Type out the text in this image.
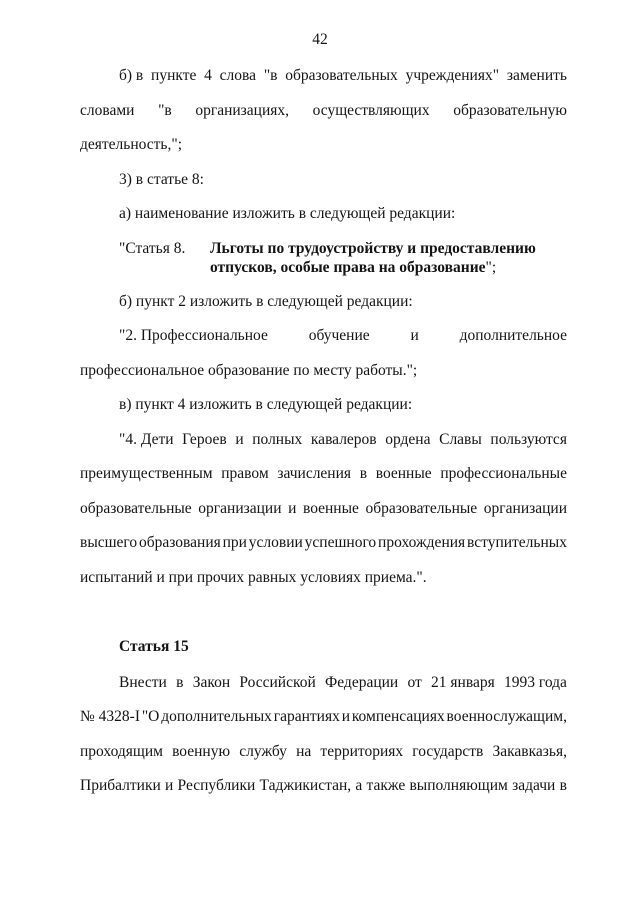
42
б) в пункте 4 слова "в образовательных учреждениях" заменить
словами "в организациях, осуществляющих образовательную
деятельность,";
3) в статье 8:
а) наименование изложить в следующей редакции:
"Статья 8. Льготы по трудоустройству и предоставлению
отпусков, особые права на образование";
б) пункт 2 изложить в следующей редакции:
"2. Профессиональное	обучение	и	дополнительное
профессиональное образование по месту работы.";
в) пункт 4 изложить в следующей редакции:
"4. Дети Героев и полных кавалеров ордена Славы пользуются
преимущественным правом зачисления в военные профессиональные
образовательные организации и военные образовательные организации
высшего образования при условии успешного прохождения вступительных
испытаний и при прочих равных условиях приема.".
Статья 15
Внести в Закон Российской Федерации от 21 января 1993 года
№ 4328-I "О дополнительных гарантиях и компенсациях военнослужащим,
проходящим военную службу на территориях государств Закавказья,
Прибалтики и Республики Таджикистан, а также выполняющим задачи в
